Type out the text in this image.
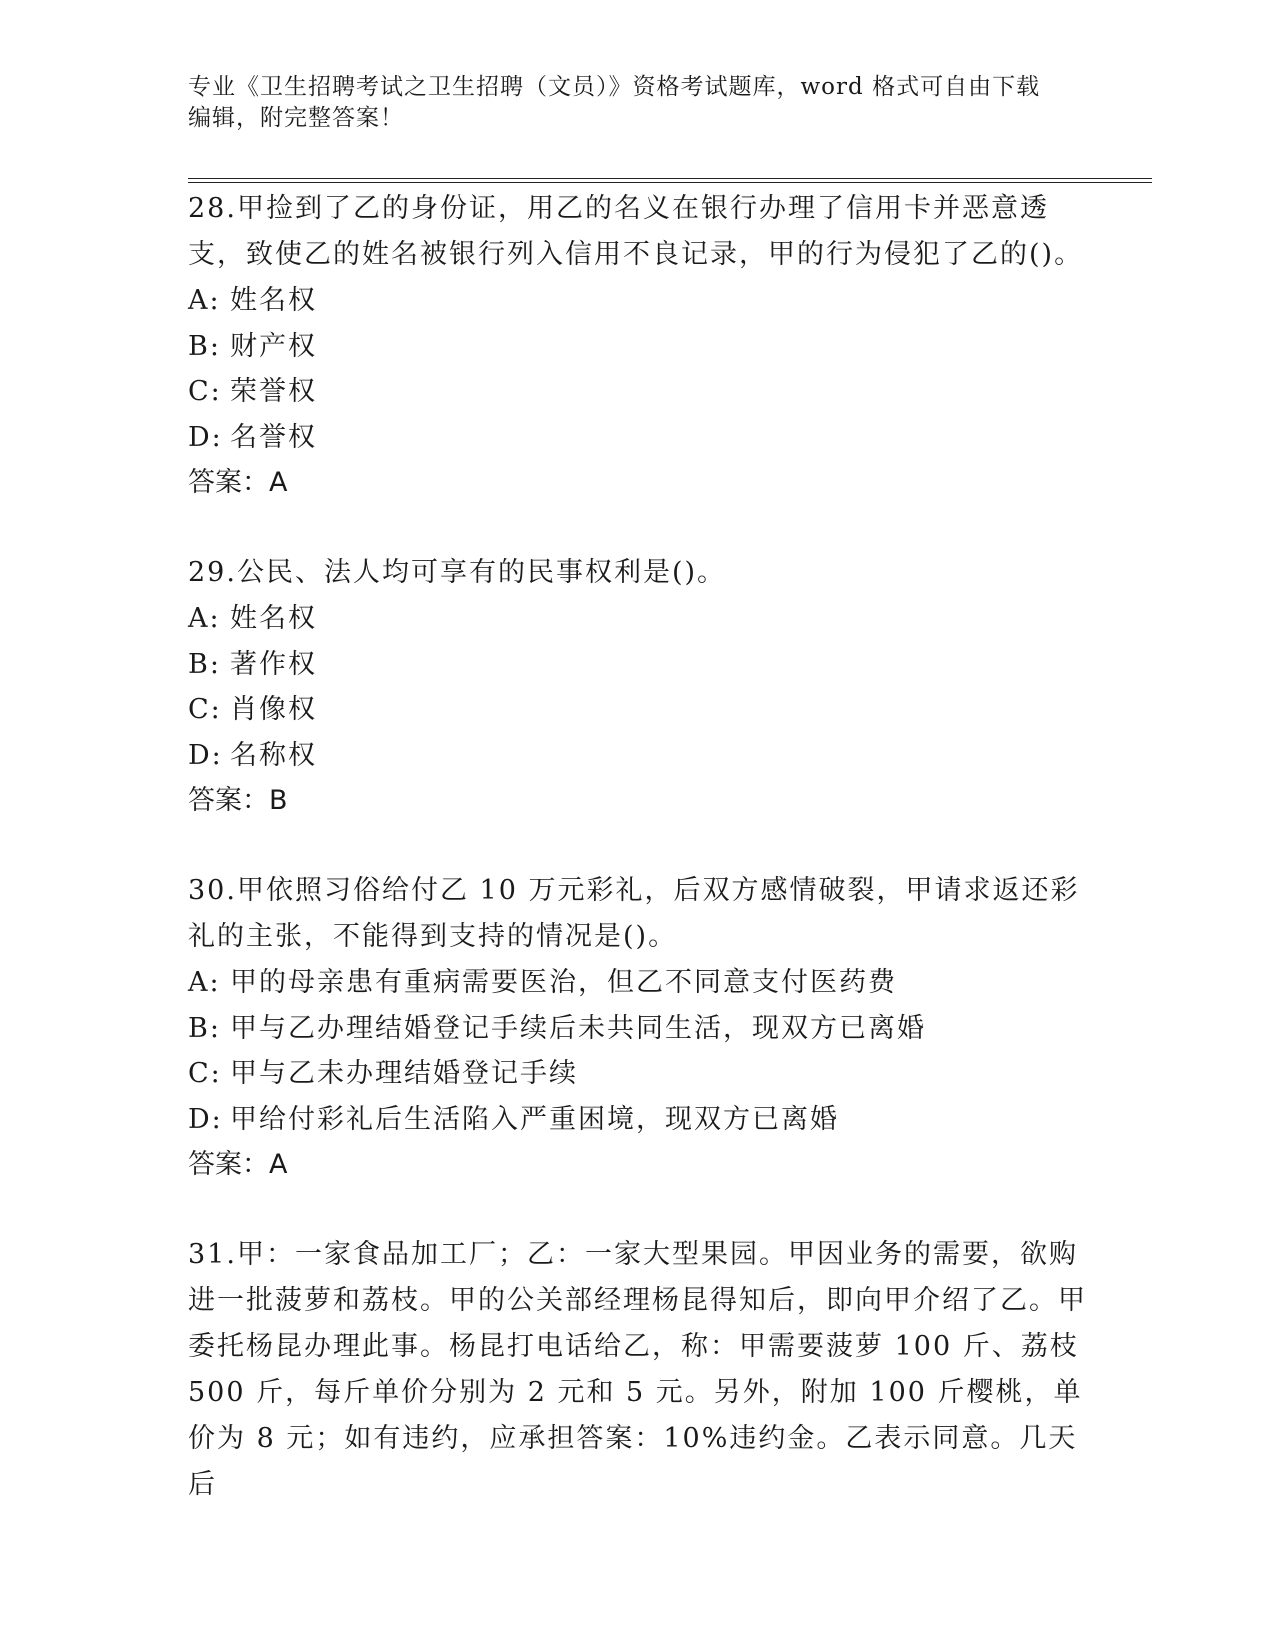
专业《卫生招聘考试之卫生招聘（文员）》资格考试题库，word 格式可自由下载
编辑，附完整答案！

28.甲捡到了乙的身份证，用乙的名义在银行办理了信用卡并恶意透支，致使乙的姓名被银行列入信用不良记录，甲的行为侵犯了乙的()。

A: 姓名权
B: 财产权
C: 荣誉权
D: 名誉权

答案：A

29.公民、法人均可享有的民事权利是()。

A: 姓名权
B: 著作权
C: 肖像权
D: 名称权

答案：B

30.甲依照习俗给付乙 10 万元彩礼，后双方感情破裂，甲请求返还彩礼的主张，不能得到支持的情况是()。

A: 甲的母亲患有重病需要医治，但乙不同意支付医药费
B: 甲与乙办理结婚登记手续后未共同生活，现双方已离婚
C: 甲与乙未办理结婚登记手续
D: 甲给付彩礼后生活陷入严重困境，现双方已离婚

答案：A

31.甲：一家食品加工厂；乙：一家大型果园。甲因业务的需要，欲购进一批菠萝和荔枝。甲的公关部经理杨昆得知后，即向甲介绍了乙。甲委托杨昆办理此事。杨昆打电话给乙，称：甲需要菠萝 100 斤、荔枝 500 斤，每斤单价分别为 2 元和 5 元。另外，附加 100 斤樱桃，单价为 8 元；如有违约，应承担答案：10%违约金。乙表示同意。几天后
